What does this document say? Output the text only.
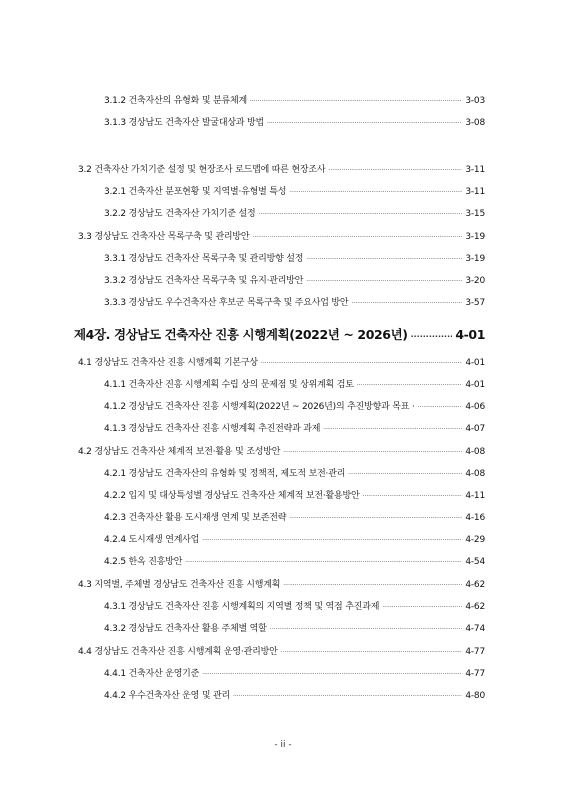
3.1.2 건축자산의 유형화 및 분류체계 ·····	3-03
3.1.3 경상남도 건축자산 발굴대상과 방법 ·····	3-08
3.2 건축자산 가치기준 설정 및 현장조사 로드맵에 따른 현장조사 ·····	3-11
3.2.1 건축자산 분포현황 및 지역별·유형별 특성 ·····	3-11
3.2.2 경상남도 건축자산 가치기준 설정 ·····	3-15
3.3 경상남도 건축자산 목록구축 및 관리방안 ·····	3-19
3.3.1 경상남도 건축자산 목록구축 및 관리방향 설정 ·····	3-19
3.3.2 경상남도 건축자산 목록구축 및 유지·관리방안 ·····	3-20
3.3.3 경상남도 우수건축자산 후보군 목록구축 및 주요사업 방안 ·····	3-57
제4장. 경상남도 건축자산 진흥 시행계획(2022년 ~ 2026년) ·····	4-01
4.1 경상남도 건축자산 진흥 시행계획 기본구상 ·····	4-01
4.1.1 건축자산 진흥 시행계획 수립 상의 문제점 및 상위계획 검토 ·····	4-01
4.1.2 경상남도 건축자산 진흥 시행계획(2022년 ~ 2026년)의 추진방향과 목표 · ·····	4-06
4.1.3 경상남도 건축자산 진흥 시행계획 추진전략과 과제 ·····	4-07
4.2 경상남도 건축자산 체계적 보전·활용 및 조성방안 ·····	4-08
4.2.1 경상남도 건축자산의 유형화 및 정책적, 제도적 보전·관리 ·····	4-08
4.2.2 입지 및 대상특성별 경상남도 건축자산 체계적 보전·활용방안 ·····	4-11
4.2.3 건축자산 활용 도시재생 연계 및 보존전략 ·····	4-16
4.2.4 도시재생 연계사업 ·····	4-29
4.2.5 한옥 진흥방안 ·····	4-54
4.3 지역별, 주체별 경상남도 건축자산 진흥 시행계획 ·····	4-62
4.3.1 경상남도 건축자산 진흥 시행계획의 지역별 정책 및 역점 추진과제 ·····	4-62
4.3.2 경상남도 건축자산 활용 주체별 역할 ·····	4-74
4.4 경상남도 건축자산 진흥 시행계획 운영·관리방안 ·····	4-77
4.4.1 건축자산 운영기준 ·····	4-77
4.4.2 우수건축자산 운영 및 관리 ·····	4-80
- ii -
